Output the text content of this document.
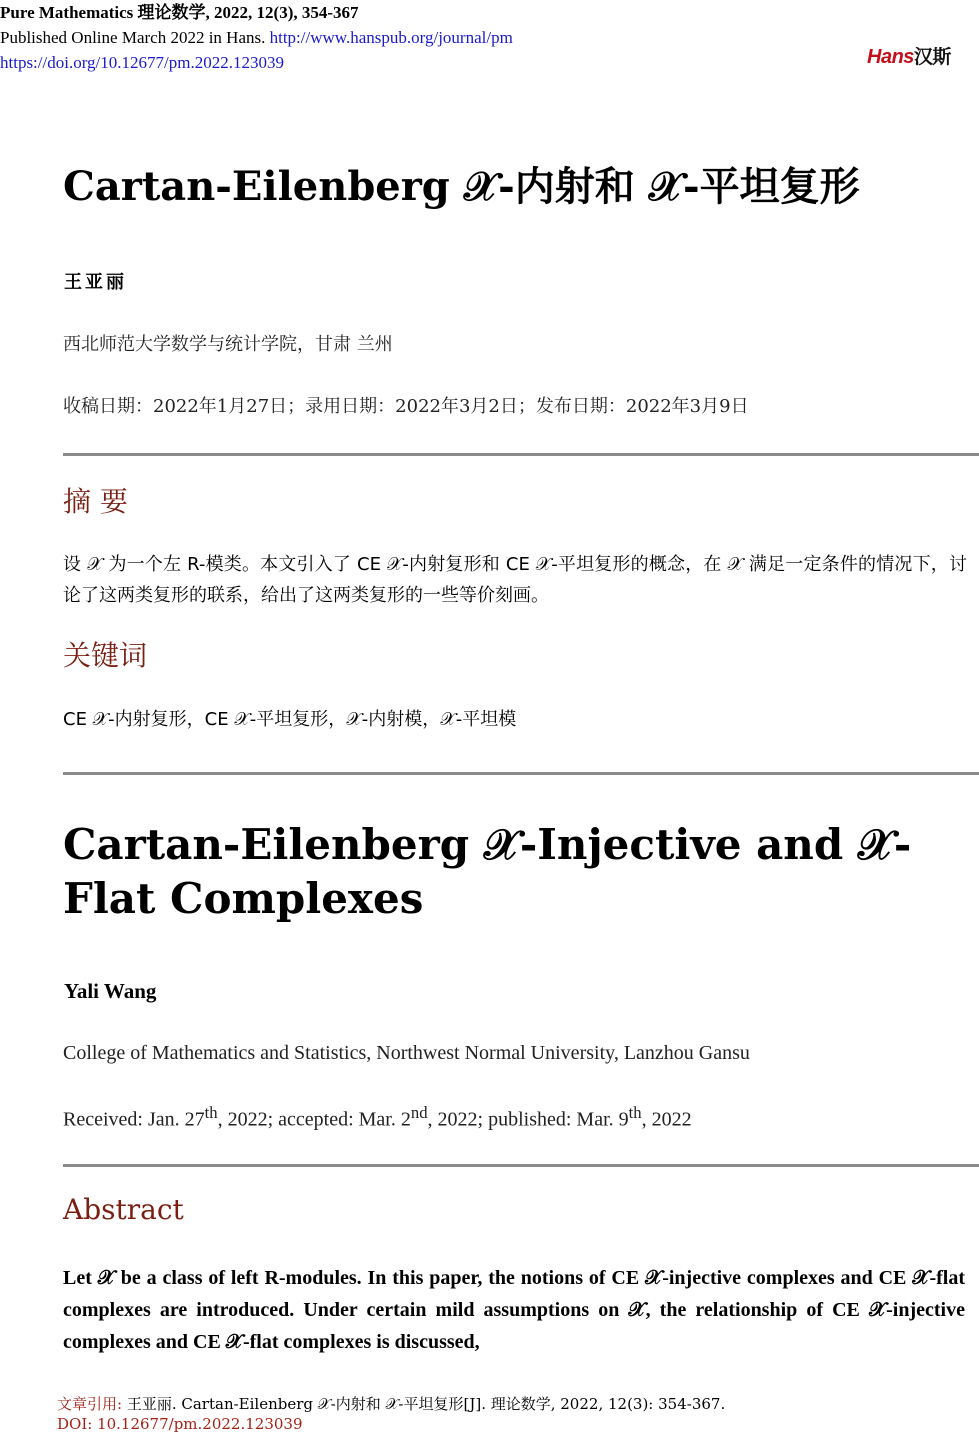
Pure Mathematics 理论数学, 2022, 12(3), 354-367
Published Online March 2022 in Hans. http://www.hanspub.org/journal/pm
https://doi.org/10.12677/pm.2022.123039	Hans汉斯
Cartan-Eilenberg 𝒳-内射和 𝒳-平坦复形
王亚丽
西北师范大学数学与统计学院，甘肃 兰州
收稿日期：2022年1月27日；录用日期：2022年3月2日；发布日期：2022年3月9日
摘 要
设 𝒳 为一个左 R-模类。本文引入了 CE 𝒳-内射复形和 CE 𝒳-平坦复形的概念，在 𝒳 满足一定条件的情况下，讨论了这两类复形的联系，给出了这两类复形的一些等价刻画。
关键词
CE 𝒳-内射复形，CE 𝒳-平坦复形，𝒳-内射模，𝒳-平坦模
Cartan-Eilenberg 𝒳-Injective and 𝒳-Flat Complexes
Yali Wang
College of Mathematics and Statistics, Northwest Normal University, Lanzhou Gansu
Received: Jan. 27th, 2022; accepted: Mar. 2nd, 2022; published: Mar. 9th, 2022
Abstract
Let 𝒳 be a class of left R-modules. In this paper, the notions of CE 𝒳-injective complexes and CE 𝒳-flat complexes are introduced. Under certain mild assumptions on 𝒳, the relationship of CE 𝒳-injective complexes and CE 𝒳-flat complexes is discussed,
文章引用: 王亚丽. Cartan-Eilenberg 𝒳-内射和 𝒳-平坦复形[J]. 理论数学, 2022, 12(3): 354-367.
DOI: 10.12677/pm.2022.123039
